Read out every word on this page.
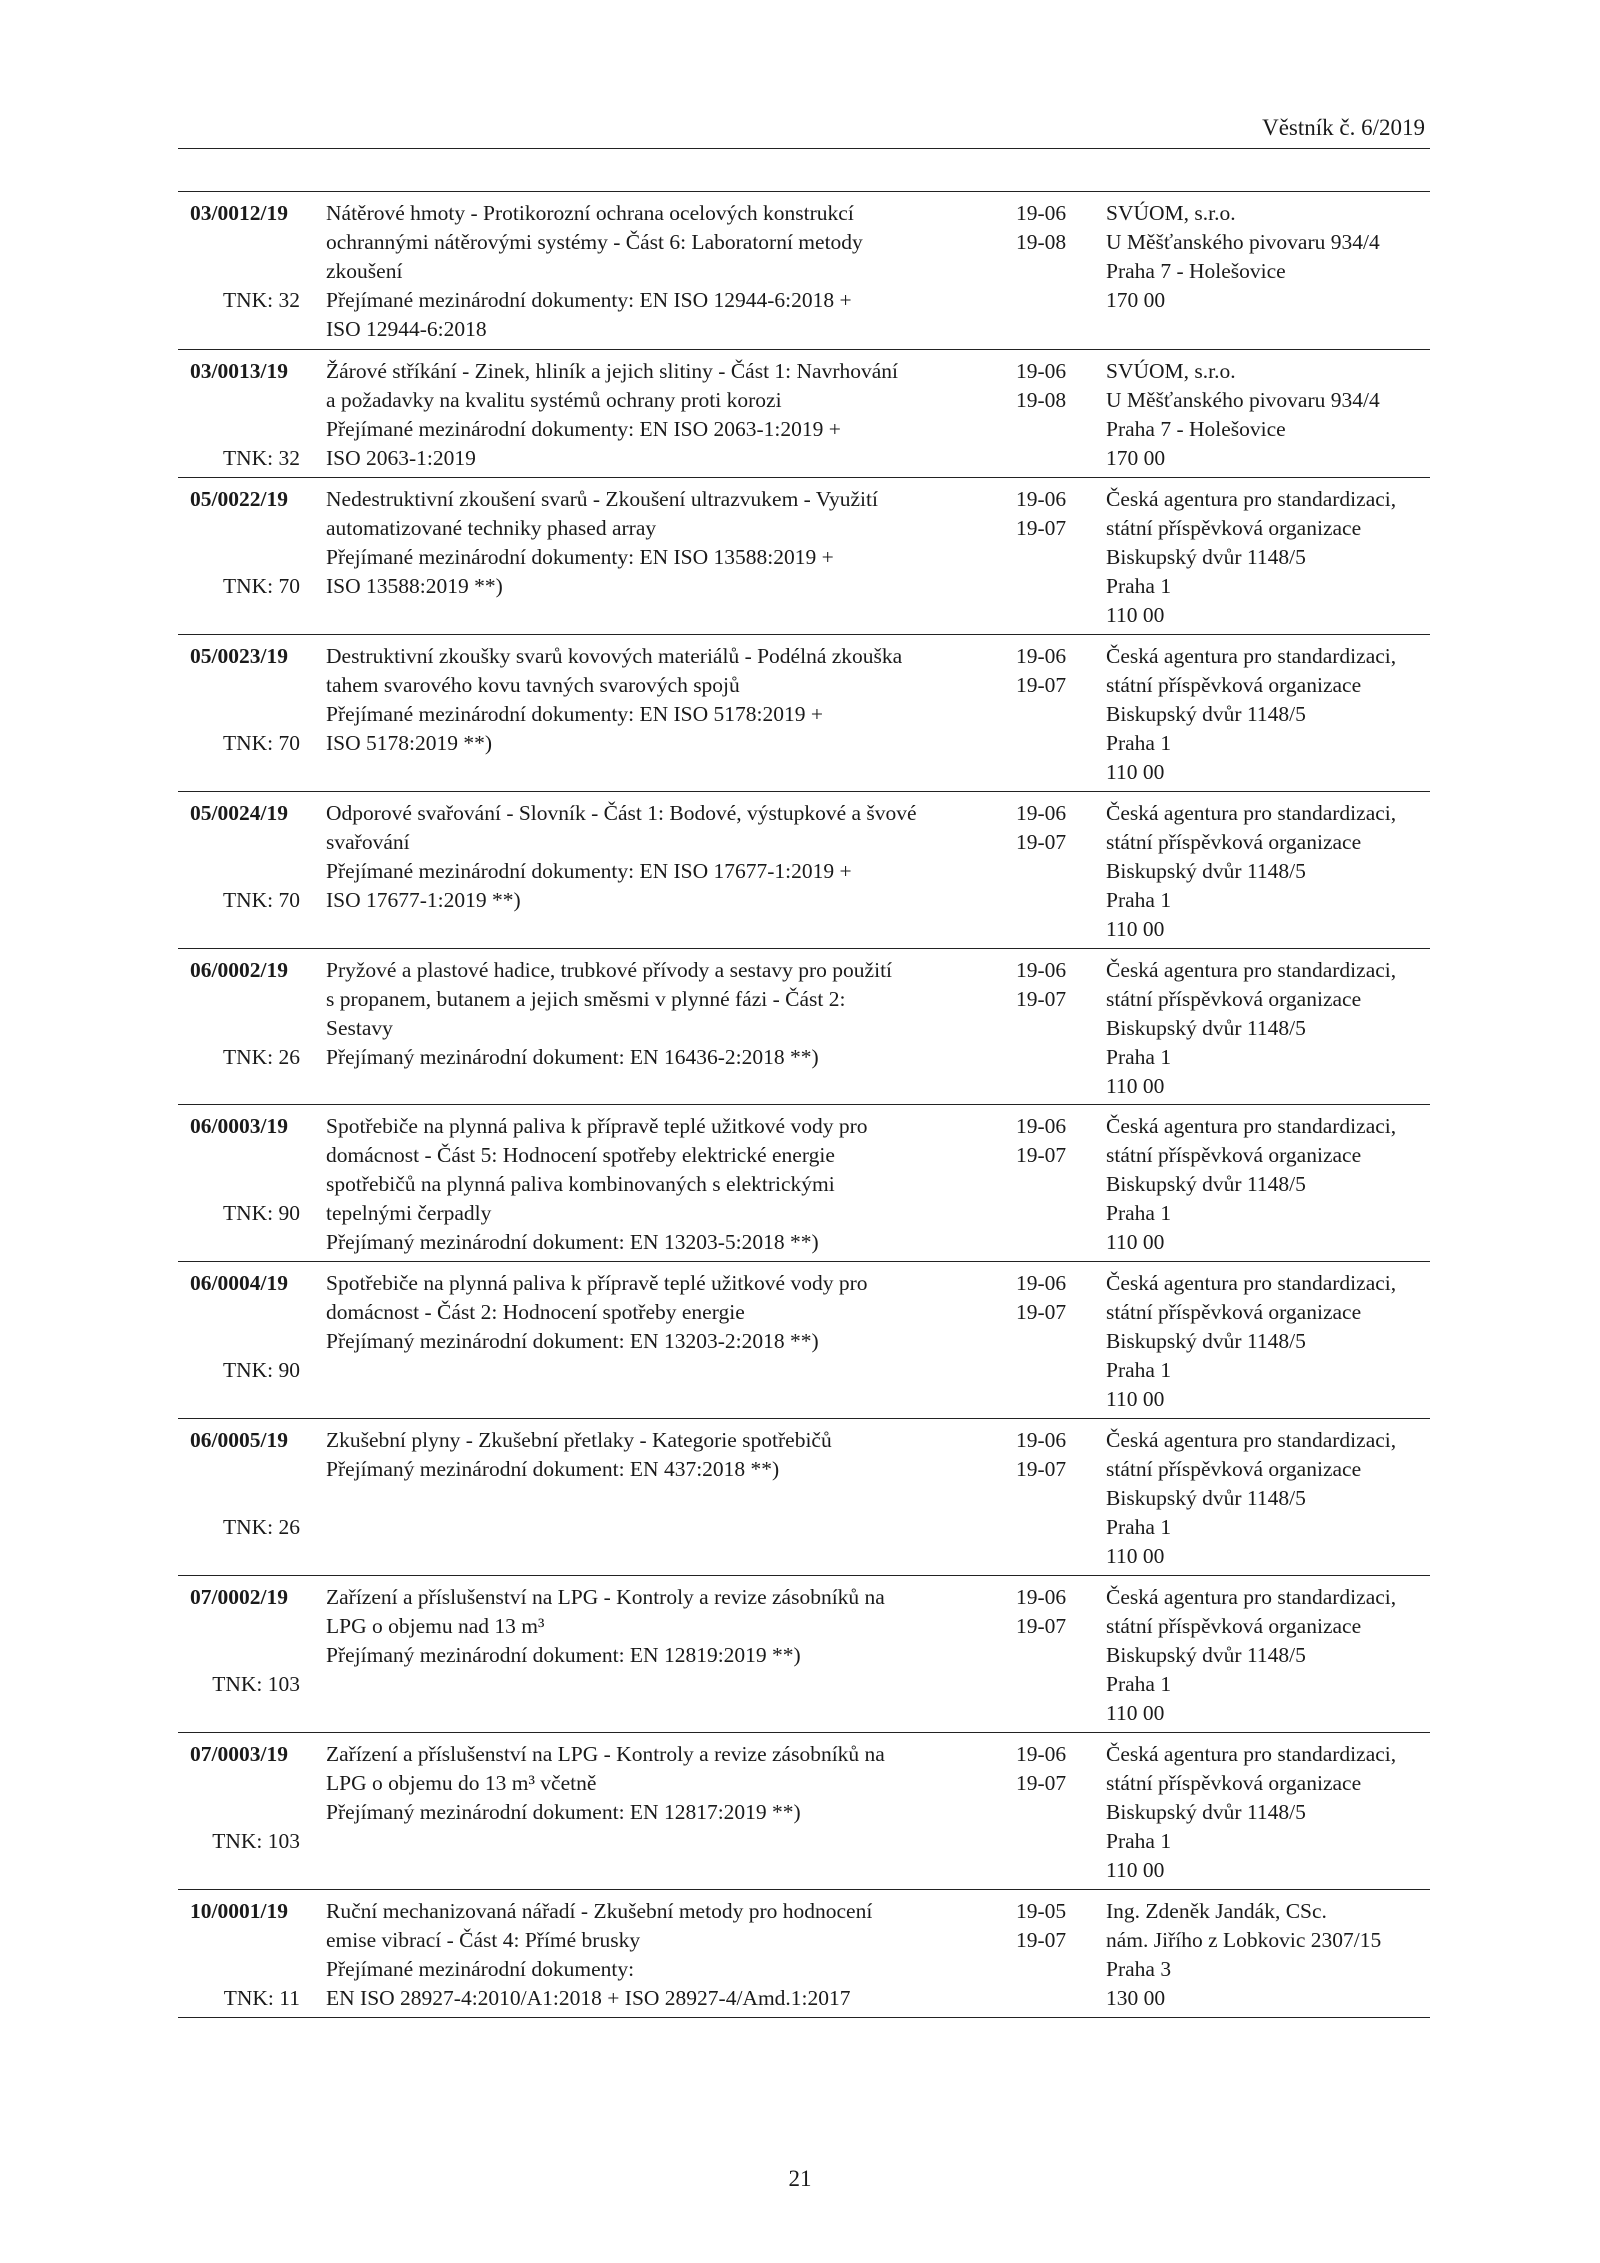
Věstník č. 6/2019
03/0012/19
TNK: 32
Nátěrové hmoty - Protikorozní ochrana ocelových konstrukcí
ochrannými nátěrovými systémy - Část 6: Laboratorní metody
zkoušení
Přejímané mezinárodní dokumenty: EN ISO 12944-6:2018 +
ISO 12944-6:2018
19-06
19-08
SVÚOM, s.r.o.
U Měšťanského pivovaru 934/4
Praha 7 - Holešovice
170 00
03/0013/19
TNK: 32
Žárové stříkání - Zinek, hliník a jejich slitiny - Část 1: Navrhování
a požadavky na kvalitu systémů ochrany proti korozi
Přejímané mezinárodní dokumenty: EN ISO 2063-1:2019 +
ISO 2063-1:2019
19-06
19-08
SVÚOM, s.r.o.
U Měšťanského pivovaru 934/4
Praha 7 - Holešovice
170 00
05/0022/19
TNK: 70
Nedestruktivní zkoušení svarů - Zkoušení ultrazvukem - Využití
automatizované techniky phased array
Přejímané mezinárodní dokumenty: EN ISO 13588:2019 +
ISO 13588:2019 **)
19-06
19-07
Česká agentura pro standardizaci,
státní příspěvková organizace
Biskupský dvůr 1148/5
Praha 1
110 00
05/0023/19
TNK: 70
Destruktivní zkoušky svarů kovových materiálů - Podélná zkouška
tahem svarového kovu tavných svarových spojů
Přejímané mezinárodní dokumenty: EN ISO 5178:2019 +
ISO 5178:2019 **)
19-06
19-07
Česká agentura pro standardizaci,
státní příspěvková organizace
Biskupský dvůr 1148/5
Praha 1
110 00
05/0024/19
TNK: 70
Odporové svařování - Slovník - Část 1: Bodové, výstupkové a švové
svařování
Přejímané mezinárodní dokumenty: EN ISO 17677-1:2019 +
ISO 17677-1:2019 **)
19-06
19-07
Česká agentura pro standardizaci,
státní příspěvková organizace
Biskupský dvůr 1148/5
Praha 1
110 00
06/0002/19
TNK: 26
Pryžové a plastové hadice, trubkové přívody a sestavy pro použití
s propanem, butanem a jejich směsmi v plynné fázi - Část 2:
Sestavy
Přejímaný mezinárodní dokument: EN 16436-2:2018 **)
19-06
19-07
Česká agentura pro standardizaci,
státní příspěvková organizace
Biskupský dvůr 1148/5
Praha 1
110 00
06/0003/19
TNK: 90
Spotřebiče na plynná paliva k přípravě teplé užitkové vody pro
domácnost - Část 5: Hodnocení spotřeby elektrické energie
spotřebičů na plynná paliva kombinovaných s elektrickými
tepelnými čerpadly
Přejímaný mezinárodní dokument: EN 13203-5:2018 **)
19-06
19-07
Česká agentura pro standardizaci,
státní příspěvková organizace
Biskupský dvůr 1148/5
Praha 1
110 00
06/0004/19
TNK: 90
Spotřebiče na plynná paliva k přípravě teplé užitkové vody pro
domácnost - Část 2: Hodnocení spotřeby energie
Přejímaný mezinárodní dokument: EN 13203-2:2018 **)
19-06
19-07
Česká agentura pro standardizaci,
státní příspěvková organizace
Biskupský dvůr 1148/5
Praha 1
110 00
06/0005/19
TNK: 26
Zkušební plyny - Zkušební přetlaky - Kategorie spotřebičů
Přejímaný mezinárodní dokument: EN 437:2018 **)
19-06
19-07
Česká agentura pro standardizaci,
státní příspěvková organizace
Biskupský dvůr 1148/5
Praha 1
110 00
07/0002/19
TNK: 103
Zařízení a příslušenství na LPG - Kontroly a revize zásobníků na
LPG o objemu nad 13 m³
Přejímaný mezinárodní dokument: EN 12819:2019 **)
19-06
19-07
Česká agentura pro standardizaci,
státní příspěvková organizace
Biskupský dvůr 1148/5
Praha 1
110 00
07/0003/19
TNK: 103
Zařízení a příslušenství na LPG - Kontroly a revize zásobníků na
LPG o objemu do 13 m³ včetně
Přejímaný mezinárodní dokument: EN 12817:2019 **)
19-06
19-07
Česká agentura pro standardizaci,
státní příspěvková organizace
Biskupský dvůr 1148/5
Praha 1
110 00
10/0001/19
TNK: 11
Ruční mechanizovaná nářadí - Zkušební metody pro hodnocení
emise vibrací - Část 4: Přímé brusky
Přejímané mezinárodní dokumenty:
EN ISO 28927-4:2010/A1:2018 + ISO 28927-4/Amd.1:2017
19-05
19-07
Ing. Zdeněk Jandák, CSc.
nám. Jiřího z Lobkovic 2307/15
Praha 3
130 00
21
